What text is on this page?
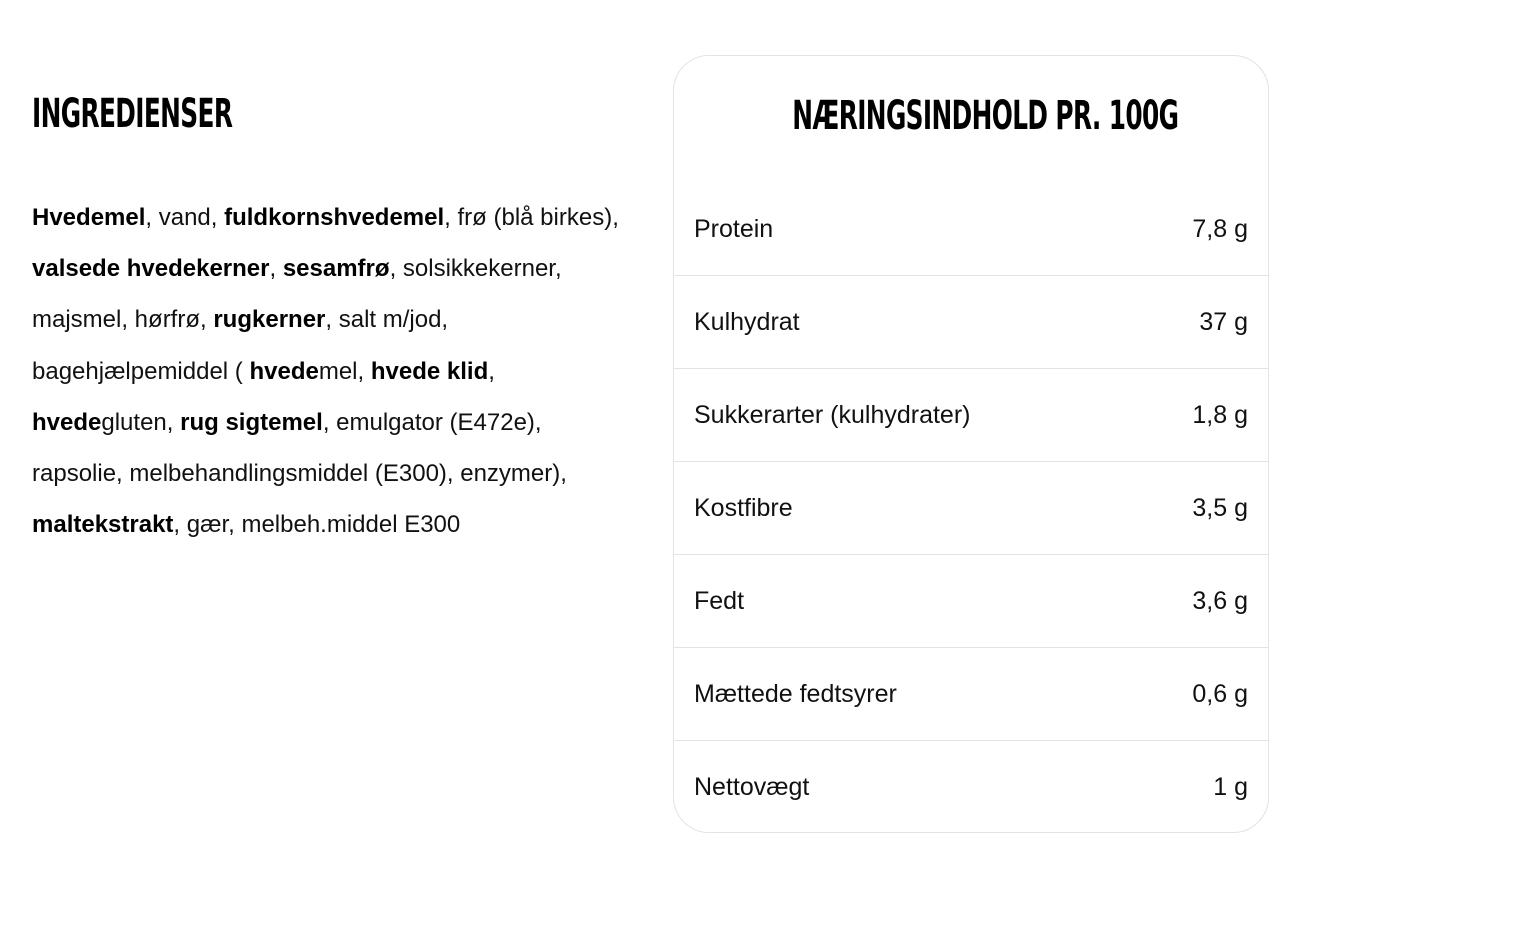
INGREDIENSER

Hvedemel, vand, fuldkornshvedemel, frø (blå birkes), valsede hvedekerner, sesamfrø, solsikkekerner, majsmel, hørfrø, rugkerner, salt m/jod, bagehjælpemiddel ( hvedemel, hvede klid, hvedegluten, rug sigtemel, emulgator (E472e), rapsolie, melbehandlingsmiddel (E300), enzymer), maltekstrakt, gær, melbeh.middel E300

NÆRINGSINDHOLD PR. 100G
Protein	7,8 g
Kulhydrat	37 g
Sukkerarter (kulhydrater)	1,8 g
Kostfibre	3,5 g
Fedt	3,6 g
Mættede fedtsyrer	0,6 g
Nettovægt	1 g
